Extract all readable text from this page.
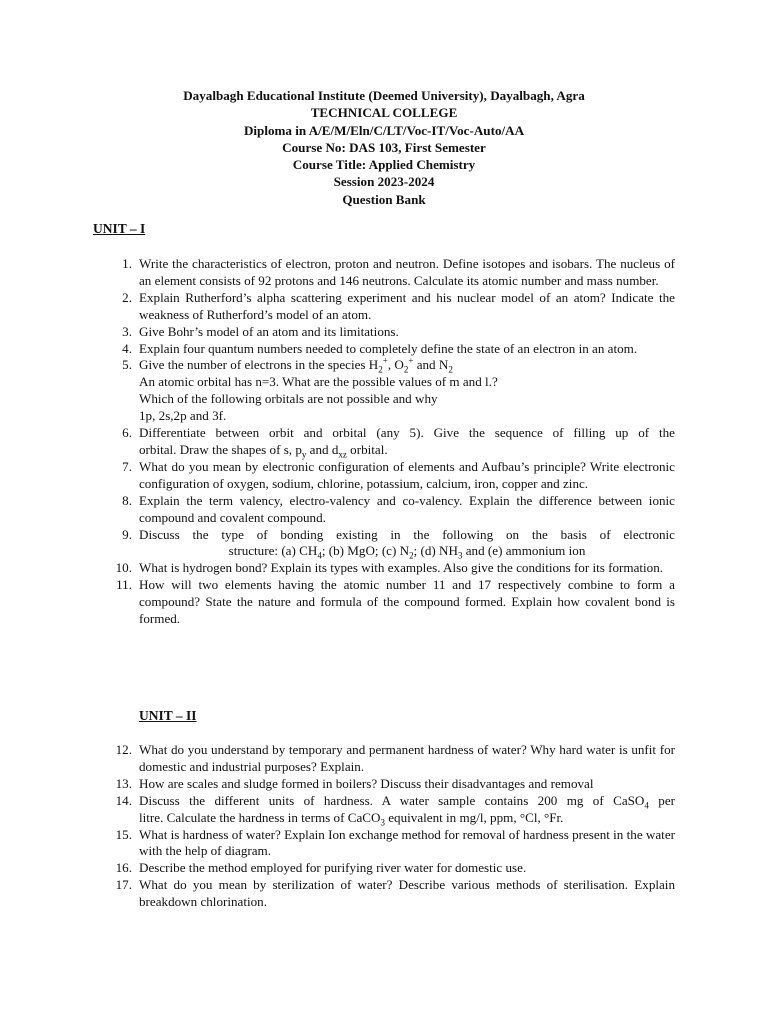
Dayalbagh Educational Institute (Deemed University), Dayalbagh, Agra
TECHNICAL COLLEGE
Diploma in A/E/M/Eln/C/LT/Voc-IT/Voc-Auto/AA
Course No: DAS 103, First Semester
Course Title: Applied Chemistry
Session 2023-2024
Question Bank
UNIT – I
1. Write the characteristics of electron, proton and neutron. Define isotopes and isobars. The nucleus of an element consists of 92 protons and 146 neutrons. Calculate its atomic number and mass number.
2. Explain Rutherford’s alpha scattering experiment and his nuclear model of an atom? Indicate the weakness of Rutherford’s model of an atom.
3. Give Bohr’s model of an atom and its limitations.
4. Explain four quantum numbers needed to completely define the state of an electron in an atom.
5. Give the number of electrons in the species $H_2^+$, $O_2^+$ and $N_2$
An atomic orbital has n=3. What are the possible values of m and l.?
Which of the following orbitals are not possible and why
1p, 2s,2p and 3f.
6. Differentiate between orbit and orbital (any 5). Give the sequence of filling up of the
orbital. Draw the shapes of s, $p_y$ and $d_{xz}$ orbital.
7. What do you mean by electronic configuration of elements and Aufbau’s principle? Write electronic configuration of oxygen, sodium, chlorine, potassium, calcium, iron, copper and zinc.
8. Explain the term valency, electro-valency and co-valency. Explain the difference between ionic compound and covalent compound.
9. Discuss the type of bonding existing in the following on the basis of electronic
structure: (a) $CH_4$; (b) MgO; (c) $N_2$; (d) $NH_3$ and (e) ammonium ion
10. What is hydrogen bond? Explain its types with examples. Also give the conditions for its formation.
11. How will two elements having the atomic number 11 and 17 respectively combine to form a compound? State the nature and formula of the compound formed. Explain how covalent bond is formed.
UNIT – II
12. What do you understand by temporary and permanent hardness of water? Why hard water is unfit for domestic and industrial purposes? Explain.
13. How are scales and sludge formed in boilers? Discuss their disadvantages and removal
14. Discuss the different units of hardness. A water sample contains 200 mg of CaSO$_4$ per
litre. Calculate the hardness in terms of CaCO$_3$ equivalent in mg/l, ppm, °Cl, °Fr.
15. What is hardness of water? Explain Ion exchange method for removal of hardness present in the water with the help of diagram.
16. Describe the method employed for purifying river water for domestic use.
17. What do you mean by sterilization of water? Describe various methods of sterilisation. Explain breakdown chlorination.
